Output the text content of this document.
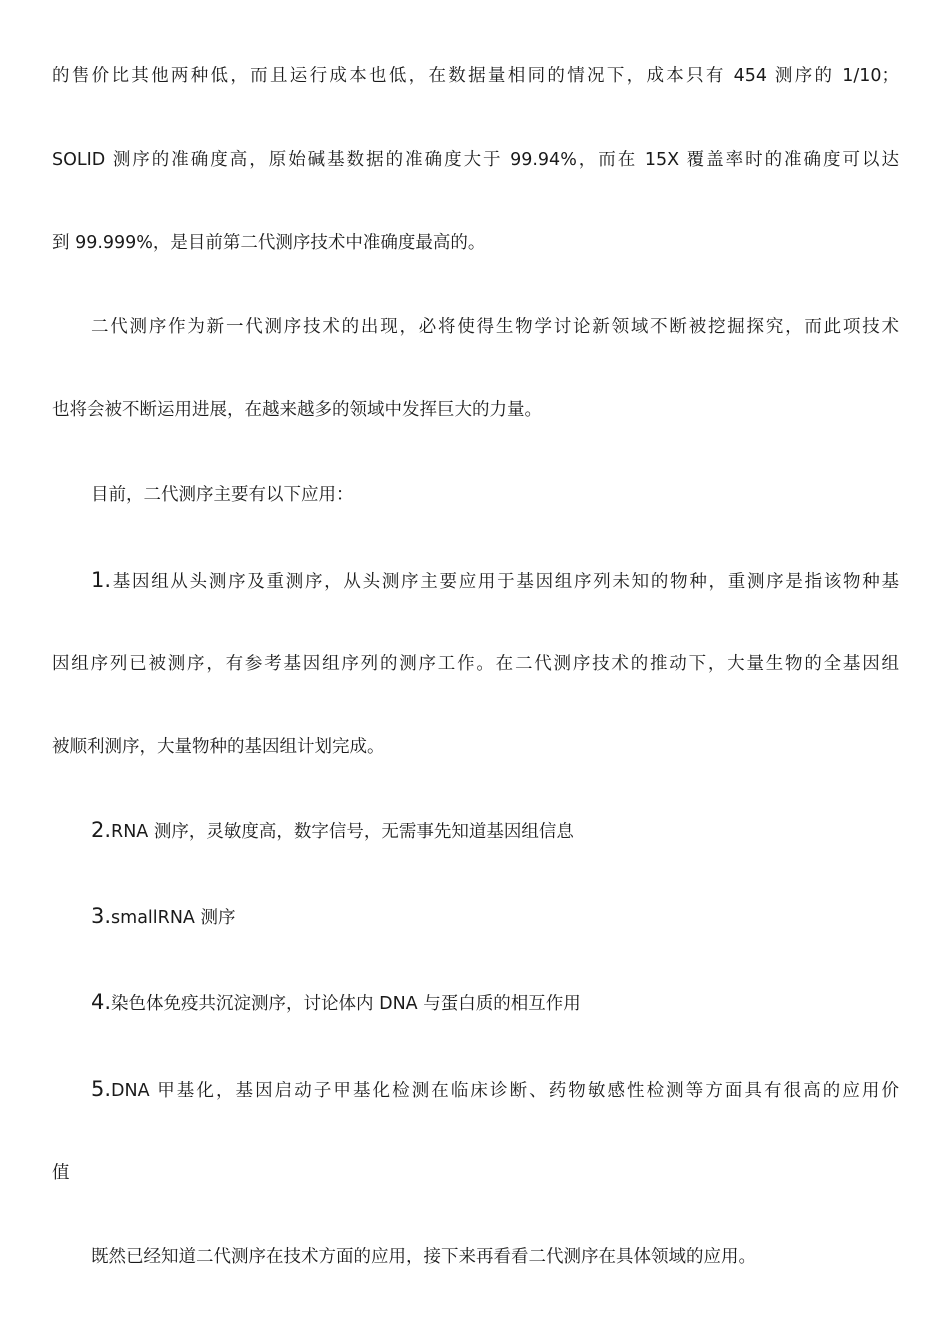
的售价比其他两种低，而且运行成本也低，在数据量相同的情况下，成本只有 454 测序的 1/10；
SOLID 测序的准确度高，原始碱基数据的准确度大于 99.94%，而在 15X 覆盖率时的准确度可以达
到 99.999%，是目前第二代测序技术中准确度最高的。
二代测序作为新一代测序技术的出现，必将使得生物学讨论新领域不断被挖掘探究，而此项技术
也将会被不断运用进展，在越来越多的领域中发挥巨大的力量。
目前，二代测序主要有以下应用：
1.基因组从头测序及重测序，从头测序主要应用于基因组序列未知的物种，重测序是指该物种基
因组序列已被测序，有参考基因组序列的测序工作。在二代测序技术的推动下，大量生物的全基因组
被顺利测序，大量物种的基因组计划完成。
2.RNA 测序，灵敏度高，数字信号，无需事先知道基因组信息
3.smallRNA 测序
4.染色体免疫共沉淀测序，讨论体内 DNA 与蛋白质的相互作用
5.DNA 甲基化，基因启动子甲基化检测在临床诊断、药物敏感性检测等方面具有很高的应用价
值
既然已经知道二代测序在技术方面的应用，接下来再看看二代测序在具体领域的应用。
